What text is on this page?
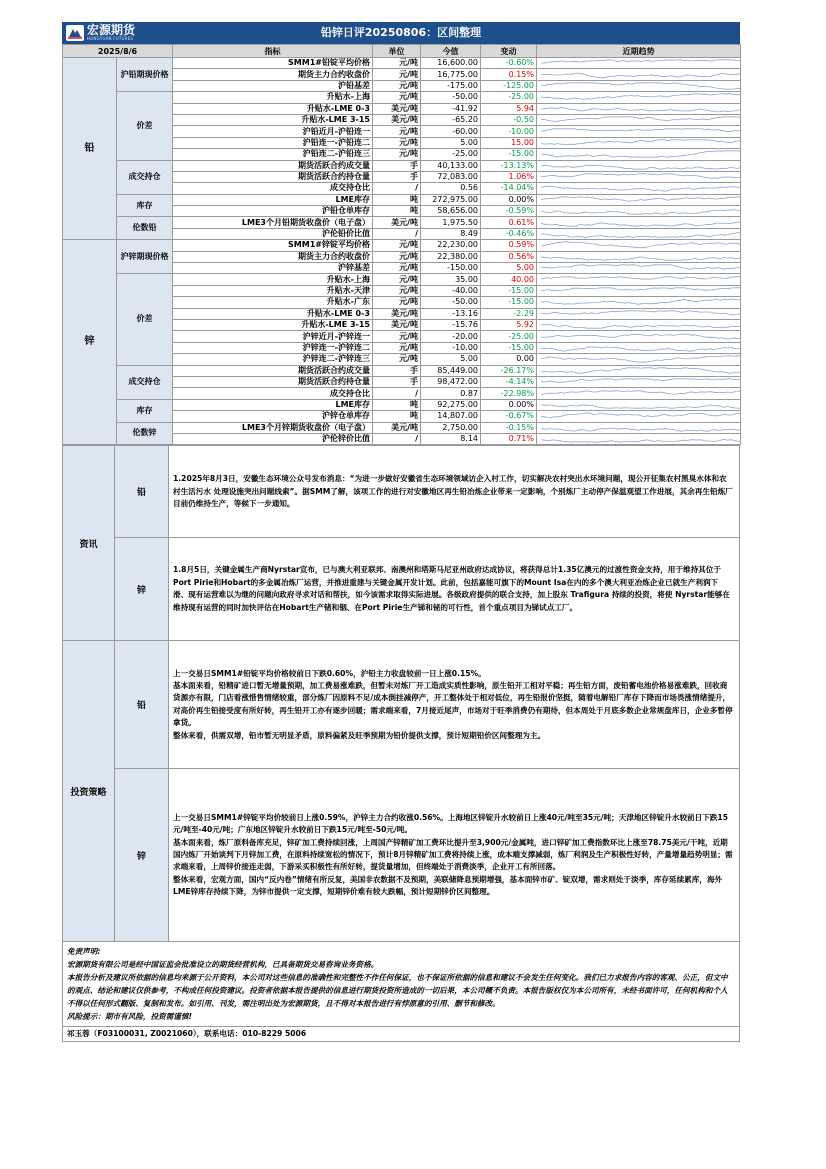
宏源期货
HONGYUAN FUTURES	铅锌日评20250806：区间整理
2025/8/6		指标	单位	今值	变动	近期趋势
铅	沪铅期现价格	SMM1#铅锭平均价格	元/吨	16,600.00	-0.60%	

		期货主力合约收盘价	元/吨	16,775.00	0.15%	

		沪铅基差	元/吨	-175.00	-125.00	

	价差	升贴水-上海	元/吨	-50.00	-25.00	

		升贴水-LME 0-3	美元/吨	-41.92	5.94	

		升贴水-LME 3-15	美元/吨	-65.20	-0.50	

		沪铅近月-沪铅连一	元/吨	-60.00	-10.00	

		沪铅连一-沪铅连二	元/吨	5.00	15.00	

		沪铅连二-沪铅连三	元/吨	-25.00	-15.00	

	成交持仓	期货活跃合约成交量	手	40,133.00	-13.13%	

		期货活跃合约持仓量	手	72,083.00	1.06%	

		成交持仓比	/	0.56	-14.04%	

	库存	LME库存	吨	272,975.00	0.00%	

		沪铅仓单库存	吨	58,656.00	-0.59%	

	伦数铅	LME3个月铅期货收盘价（电子盘）	美元/吨	1,975.50	0.61%	

		沪伦铅价比值	/	8.49	-0.46%	

锌	沪锌期现价格	SMM1#锌锭平均价格	元/吨	22,230.00	0.59%	

		期货主力合约收盘价	元/吨	22,380.00	0.56%	

		沪锌基差	元/吨	-150.00	5.00	

	价差	升贴水-上海	元/吨	35.00	40.00	

		升贴水-天津	元/吨	-40.00	-15.00	

		升贴水-广东	元/吨	-50.00	-15.00	

		升贴水-LME 0-3	美元/吨	-13.16	-2.29	

		升贴水-LME 3-15	美元/吨	-15.76	5.92	

		沪锌近月-沪锌连一	元/吨	-20.00	-25.00	

		沪锌连一-沪锌连二	元/吨	-10.00	-15.00	

		沪锌连二-沪锌连三	元/吨	5.00	0.00	

	成交持仓	期货活跃合约成交量	手	85,449.00	-26.17%	

		期货活跃合约持仓量	手	98,472.00	-4.14%	

		成交持仓比	/	0.87	-22.98%	

	库存	LME库存	吨	92,275.00	0.00%	

		沪锌仓单库存	吨	14,807.00	-0.67%	

	伦数锌	LME3个月锌期货收盘价（电子盘）	美元/吨	2,750.00	-0.15%	

		沪伦锌价比值	/	8.14	0.71%	
资讯	铅	1.2025年8月3日，安徽生态环境公众号发布消息：“为进一步做好安徽省生态环境领域访企入村工作，切实解决农村突出水环境问题，现公开征集农村黑臭水体和农村生活污水 处理设施突出问题线索”。据SMM了解，该项工作的进行对安徽地区再生铅冶炼企业带来一定影响，个别炼厂主动停产保温观望工作进展，其余再生铅炼厂目前仍维持生产，等候下一步通知。
	锌	1.8月5日，关键金属生产商Nyrstar宣布，已与澳大利亚联邦、南澳州和塔斯马尼亚州政府达成协议，将获得总计1.35亿澳元的过渡性资金支持，用于维持其位于Port Pirie和Hobart的多金属冶炼厂运营，并推进重建与关键金属开发计划。此前，包括嘉能可旗下的Mount Isa在内的多个澳大利亚冶炼企业已就生产利润下滑、现有运营难以为继的问题向政府寻求对话和帮扶，如今该需求取得实际进展。各级政府提供的联合支持，加上股东 Trafigura 持续的投资，将使 Nyrstar能够在维持现有运营的同时加快评估在Hobart生产锗和铟、在Port Pirie生产锑和铋的可行性，首个重点项目为锑试点工厂。
投资策略	铅	上一交易日SMM1#铅锭平均价格较前日下跌0.60%，沪铅主力收盘较前一日上涨0.15%。

基本面来看，铅精矿进口暂无增量预期，加工费易涨难跌，但暂未对炼厂开工造成实质性影响，原生铅开工相对平稳；再生铅方面，废铅蓄电池价格易涨难跌，回收商货源亦有限，门店看涨惜售情绪较重，部分炼厂因原料不足/成本倒挂减停产，开工整体处于相对低位，再生铅报价坚挺，随着电解铅厂库存下降而市场畏涨情绪提升，对高价再生铅接受度有所好转，再生铅开工亦有逐步回暖；需求端来看，7月接近尾声，市场对于旺季消费仍有期待，但本周处于月底多数企业常规盘库日，企业多暂停拿货。

整体来看，供需双增，铅市暂无明显矛盾，原料偏紧及旺季预期为铅价提供支撑，预计短期铅价区间整理为主。

	锌	上一交易日SMM1#锌锭平均价较前日上涨0.59%，沪锌主力合约收涨0.56%。上海地区锌锭升水较前日上涨40元/吨至35元/吨；天津地区锌锭升水较前日下跌15元/吨至-40元/吨；广东地区锌锭升水较前日下跌15元/吨至-50元/吨。

基本面来看，炼厂原料备库充足，锌矿加工费持续回涨，上周国产锌精矿加工费环比提升至3,900元/金属吨，进口锌矿加工费指数环比上涨至78.75美元/干吨，近期国内炼厂开始谈判下月锌加工费，在原料持续宽松的情况下，预计8月锌精矿加工费将持续上涨，成本端支撑减弱，炼厂利润及生产积极性好转，产量增量趋势明显；需求端来看，上周锌价接连走弱，下游采买积极性有所好转，提货量增加，但终端处于消费淡季，企业开工有所回落。

整体来看，宏观方面，国内“反内卷”情绪有所反复，美国非农数据不及预期，美联储降息预期增强，基本面锌市矿、锭双增，需求则处于淡季，库存延续累库，海外LME锌库存持续下降，为锌市提供一定支撑，短期锌价难有较大跌幅，预计短期锌价区间整理。

免责声明:
宏源期货有限公司是经中国证监会批准设立的期货经营机构，已具备期货交易咨询业务资格。
本报告分析及建议所依据的信息均来源于公开资料，本公司对这些信息的准确性和完整性不作任何保证，也不保证所依据的信息和建议不会发生任何变化。我们已力求报告内容的客观、公正，但文中的观点、结论和建议仅供参考，不构成任何投资建议。投资者依据本报告提供的信息进行期货投资所造成的一切后果，本公司概不负责。本报告版权仅为本公司所有，未经书面许可，任何机构和个人不得以任何形式翻版、复制和发布。如引用、刊发，需注明出处为宏源期货，且不得对本报告进行有悖原意的引用、删节和修改。
风险提示：期市有风险，投资需谨慎!
祁玉蓉（F03100031, Z0021060），联系电话：010-8229 5006
